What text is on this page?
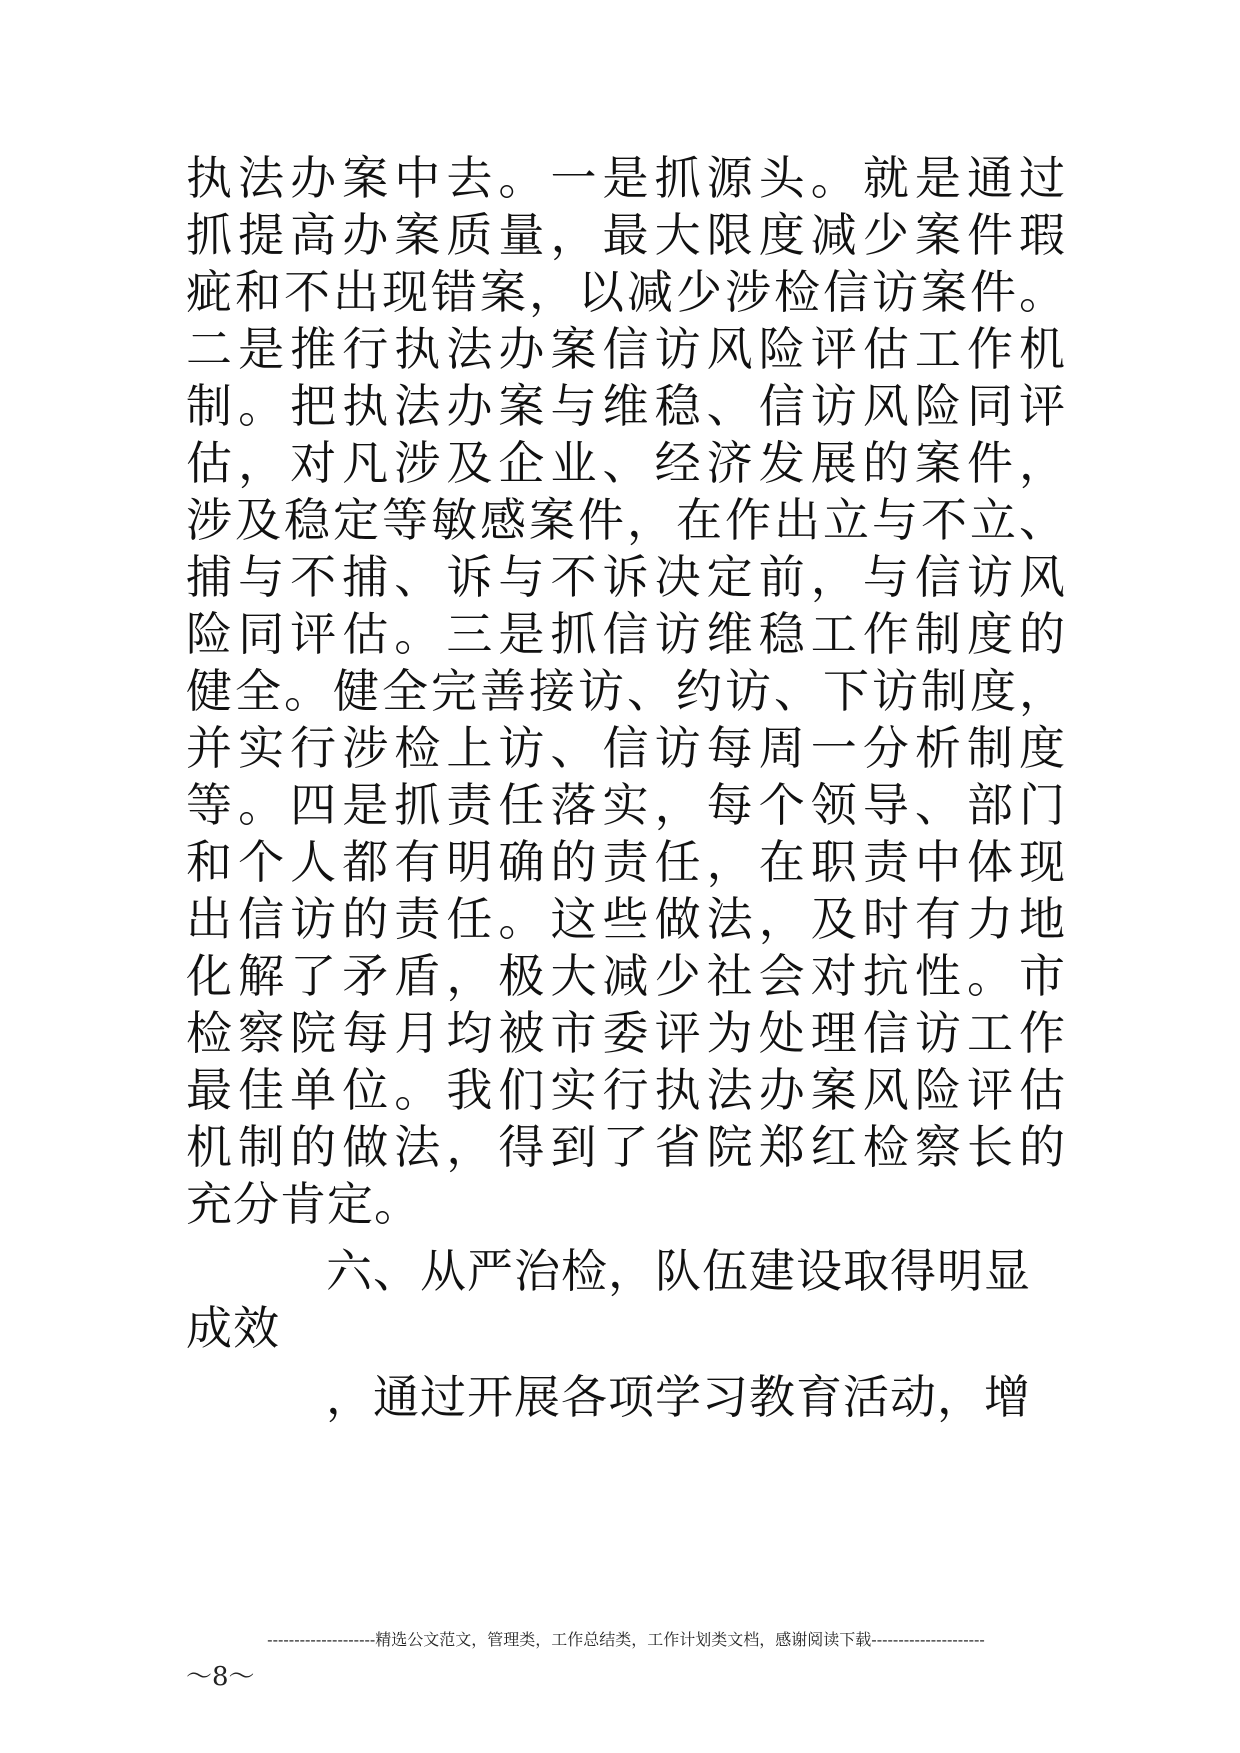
执法办案中去。一是抓源头。就是通过
抓提高办案质量，最大限度减少案件瑕
疵和不出现错案，以减少涉检信访案件。
二是推行执法办案信访风险评估工作机
制。把执法办案与维稳、信访风险同评
估，对凡涉及企业、经济发展的案件，
涉及稳定等敏感案件，在作出立与不立、
捕与不捕、诉与不诉决定前，与信访风
险同评估。三是抓信访维稳工作制度的
健全。健全完善接访、约访、下访制度，
并实行涉检上访、信访每周一分析制度
等。四是抓责任落实，每个领导、部门
和个人都有明确的责任，在职责中体现
出信访的责任。这些做法，及时有力地
化解了矛盾，极大减少社会对抗性。市
检察院每月均被市委评为处理信访工作
最佳单位。我们实行执法办案风险评估
机制的做法，得到了省院郑红检察长的
充分肯定。
六、从严治检，队伍建设取得明显
成效
，通过开展各项学习教育活动，增
--------------------精选公文范文，管理类，工作总结类，工作计划类文档，感谢阅读下载---------------------
～8～
